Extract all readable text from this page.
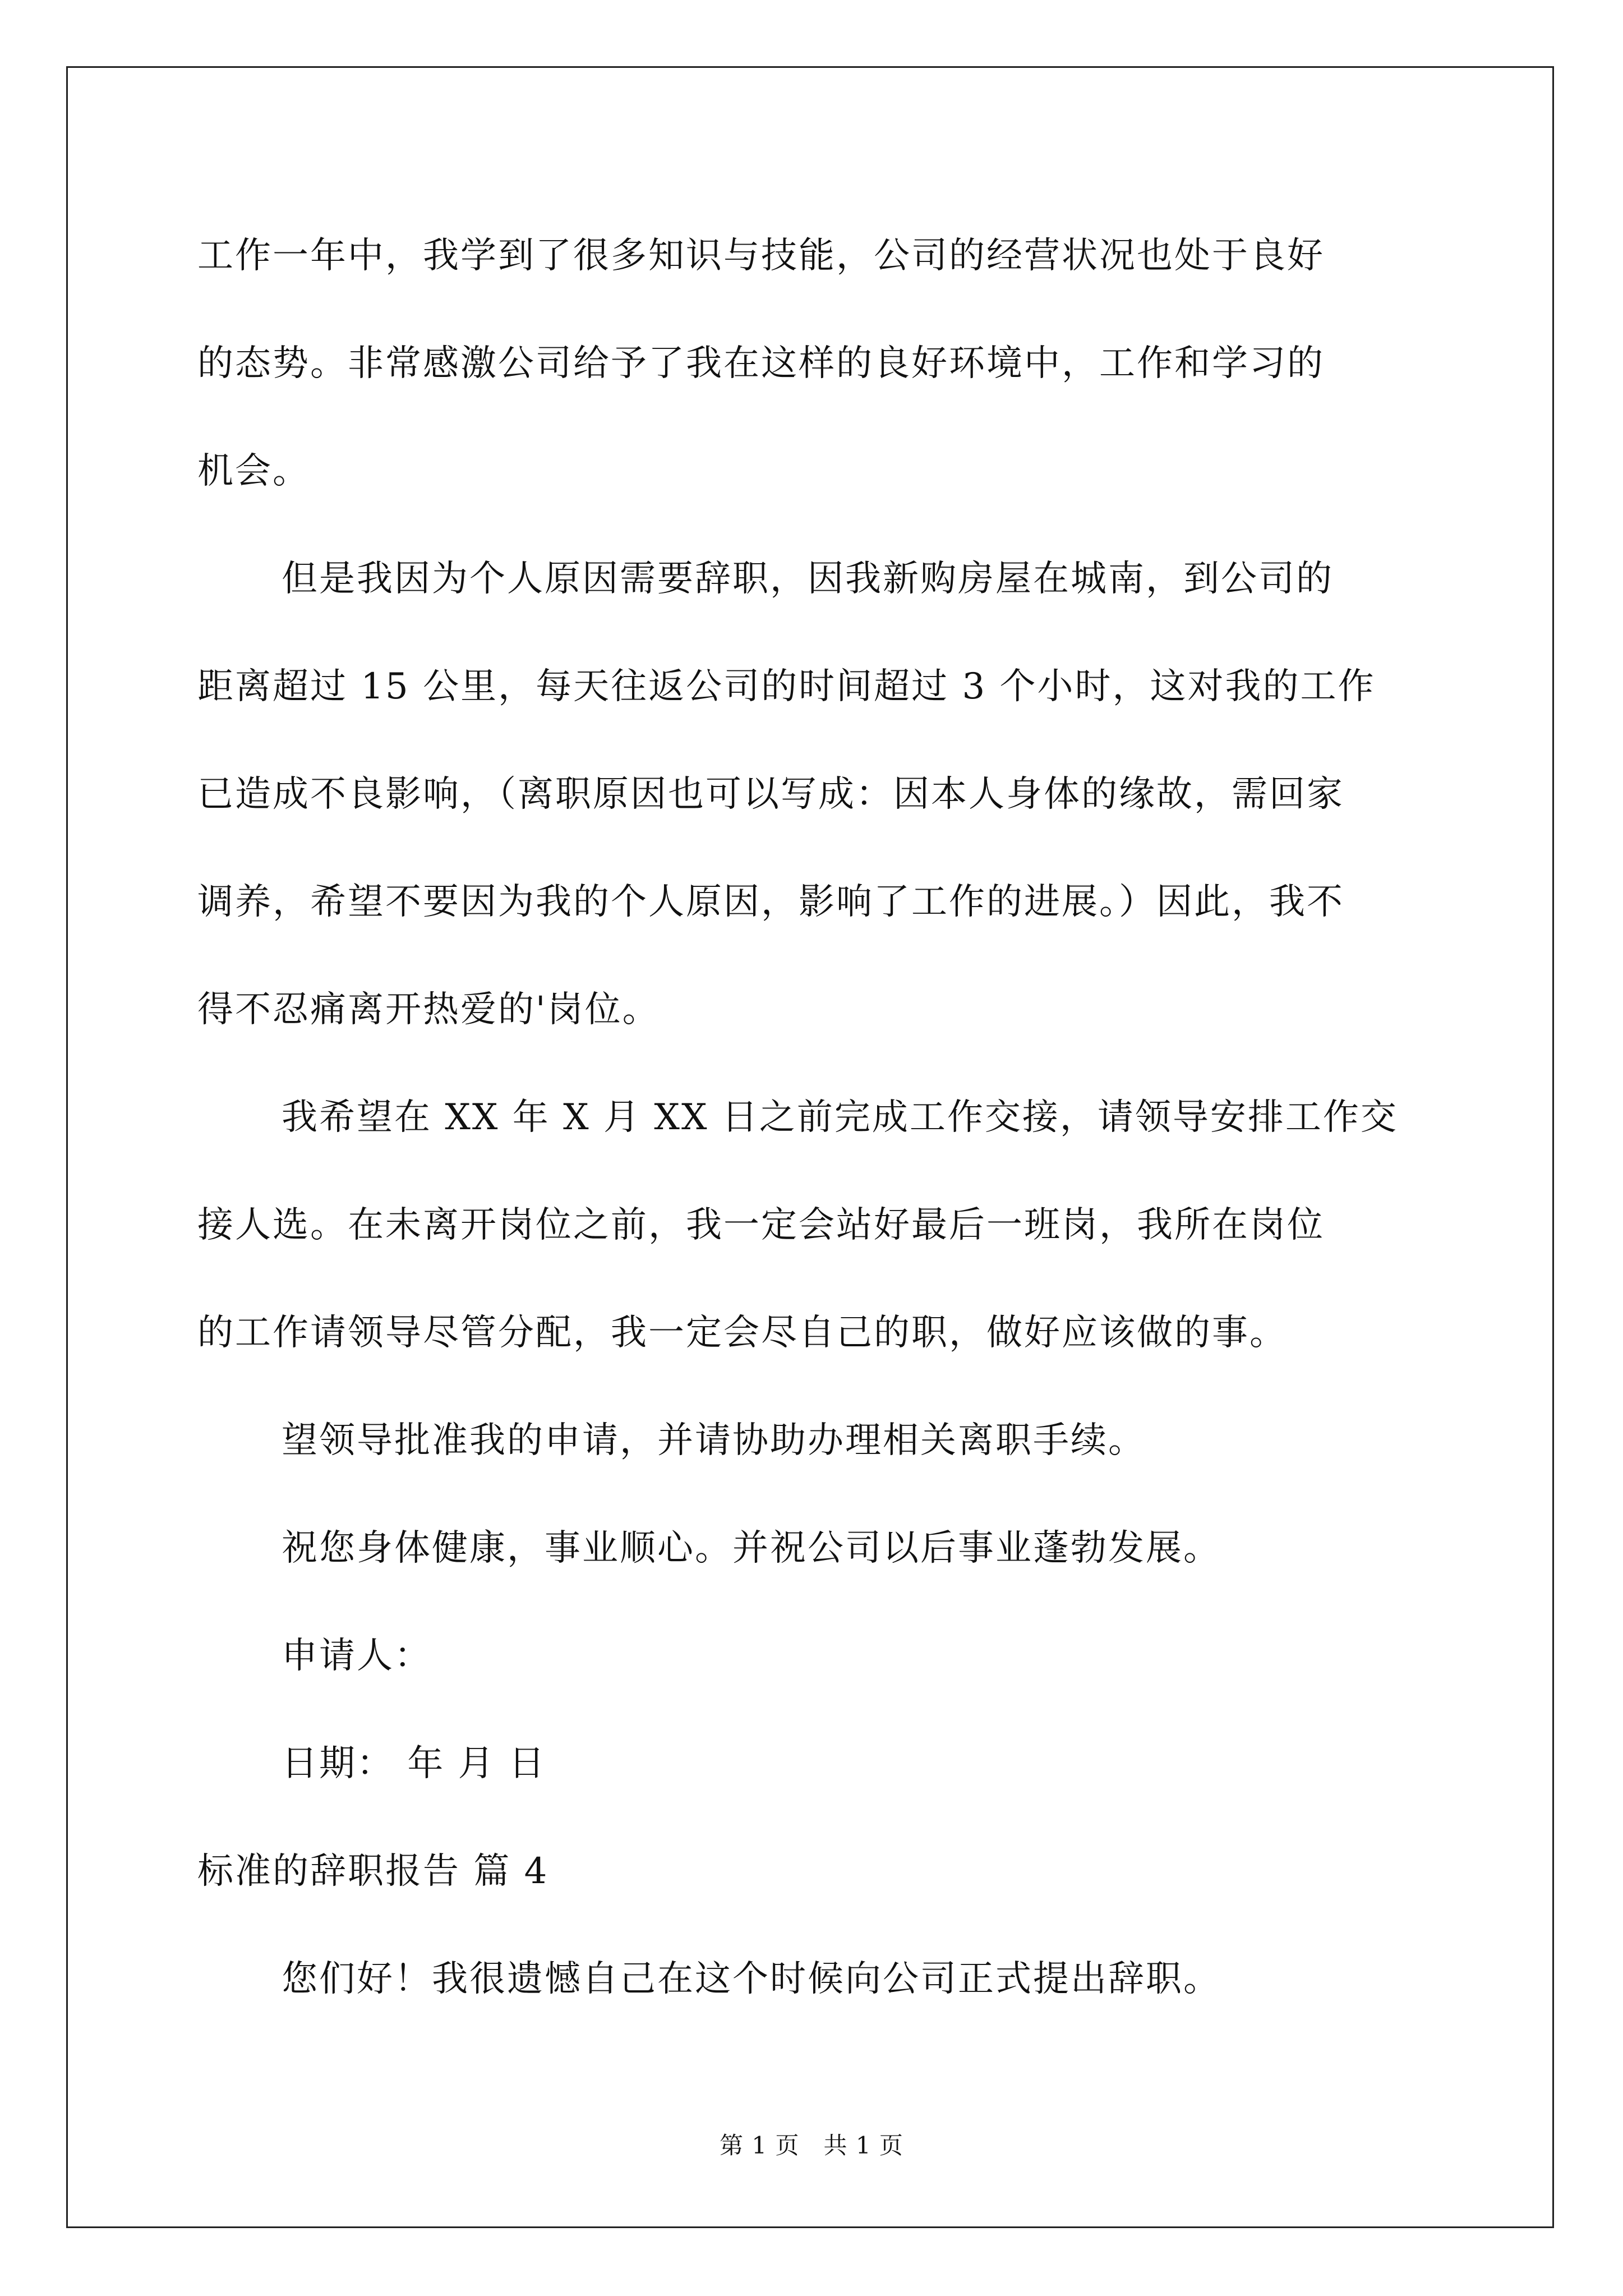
工作一年中，我学到了很多知识与技能，公司的经营状况也处于良好
的态势。非常感激公司给予了我在这样的良好环境中，工作和学习的
机会。
但是我因为个人原因需要辞职，因我新购房屋在城南，到公司的
距离超过 15 公里，每天往返公司的时间超过 3 个小时，这对我的工作
已造成不良影响，（离职原因也可以写成：因本人身体的缘故，需回家
调养，希望不要因为我的个人原因，影响了工作的进展。）因此，我不
得不忍痛离开热爱的'岗位。
我希望在 XX 年 X 月 XX 日之前完成工作交接，请领导安排工作交
接人选。在未离开岗位之前，我一定会站好最后一班岗，我所在岗位
的工作请领导尽管分配，我一定会尽自己的职，做好应该做的事。
望领导批准我的申请，并请协助办理相关离职手续。
祝您身体健康，事业顺心。并祝公司以后事业蓬勃发展。
申请人：
日期： 年 月 日
标准的辞职报告 篇 4
您们好！我很遗憾自己在这个时候向公司正式提出辞职。
第 1 页　共 1 页
